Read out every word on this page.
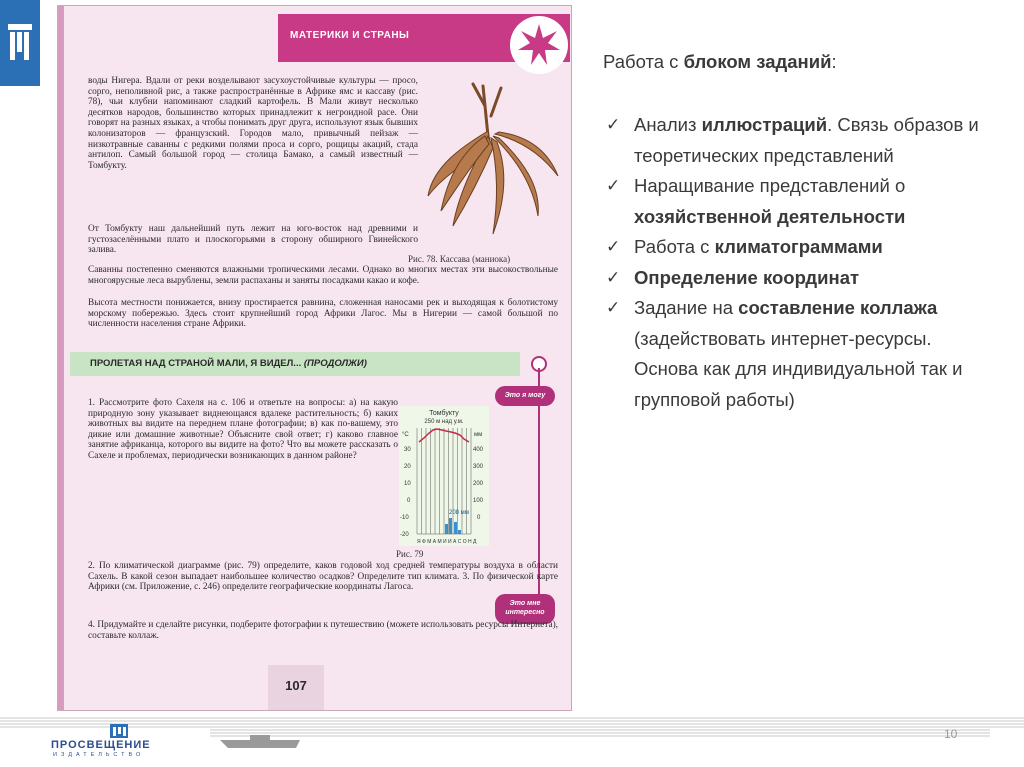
МАТЕРИКИ И СТРАНЫ
воды Нигера. Вдали от реки возделывают засухоустойчивые культуры — просо, сорго, неполивной рис, а также распространённые в Африке ямс и кассаву (рис. 78), чьи клубни напоминают сладкий картофель. В Мали живут несколько десятков народов, большинство которых принадлежит к негроидной расе. Они говорят на разных языках, а чтобы понимать друг друга, используют язык бывших колонизаторов — французский. Городов мало, привычный пейзаж — низкотравные саванны с редкими полями проса и сорго, рощицы акаций, стада антилоп. Самый большой город — столица Бамако, а самый известный — Томбукту.
От Томбукту наш дальнейший путь лежит на юго-восток над древними и густозаселёнными плато и плоскогорьями в сторону обширного Гвинейского залива.
Саванны постепенно сменяются влажными тропическими лесами. Однако во многих местах эти высокоствольные многоярусные леса вырублены, земли распаханы и заняты посадками какао и кофе.
Высота местности понижается, внизу простирается равнина, сложенная наносами рек и выходящая к болотистому морскому побережью. Здесь стоит крупнейший город Африки Лагос. Мы в Нигерии — самой большой по численности населения стране Африки.
Рис. 78. Кассава (маниока)
ПРОЛЕТАЯ НАД СТРАНОЙ МАЛИ, Я ВИДЕЛ... (ПРОДОЛЖИ)
Это я могу
Это мне интересно
1. Рассмотрите фото Сахеля на с. 106 и ответьте на вопросы: а) на какую природную зону указывает виднеющаяся вдалеке растительность; б) каких животных вы видите на переднем плане фотографии; в) как по-вашему, это дикие или домашние животные? Объясните свой ответ; г) каково главное занятие африканца, которого вы видите на фото? Что вы можете рассказать о Сахеле и проблемах, периодически возникающих в данном районе?
2. По климатической диаграмме (рис. 79) определите, каков годовой ход средней температуры воздуха в области Сахель. В какой сезон выпадает наибольшее количество осадков? Определите тип климата. 3. По физической карте Африки (см. Приложение, с. 246) определите географические координаты Лагоса.
4. Придумайте и сделайте рисунки, подберите фотографии к путешествию (можете использовать ресурсы Интернета), составьте коллаж.
Томбукту
250 м над у.м.
208 мм
°C
30
20
10
0
-10
-20
мм
400
300
200
100
0
Я Ф М А М И И А С О Н Д
Рис. 79
107
Работа с блоком заданий:

✓ Анализ иллюстраций. Связь образов и теоретических представлений

✓ Наращивание представлений о хозяйственной деятельности

✓ Работа с климатограммами

✓ Определение координат

✓ Задание на составление коллажа (задействовать интернет-ресурсы. Основа как для индивидуальной так и групповой работы)

ПРОСВЕЩЕНИЕ
ИЗДАТЕЛЬСТВО
10
